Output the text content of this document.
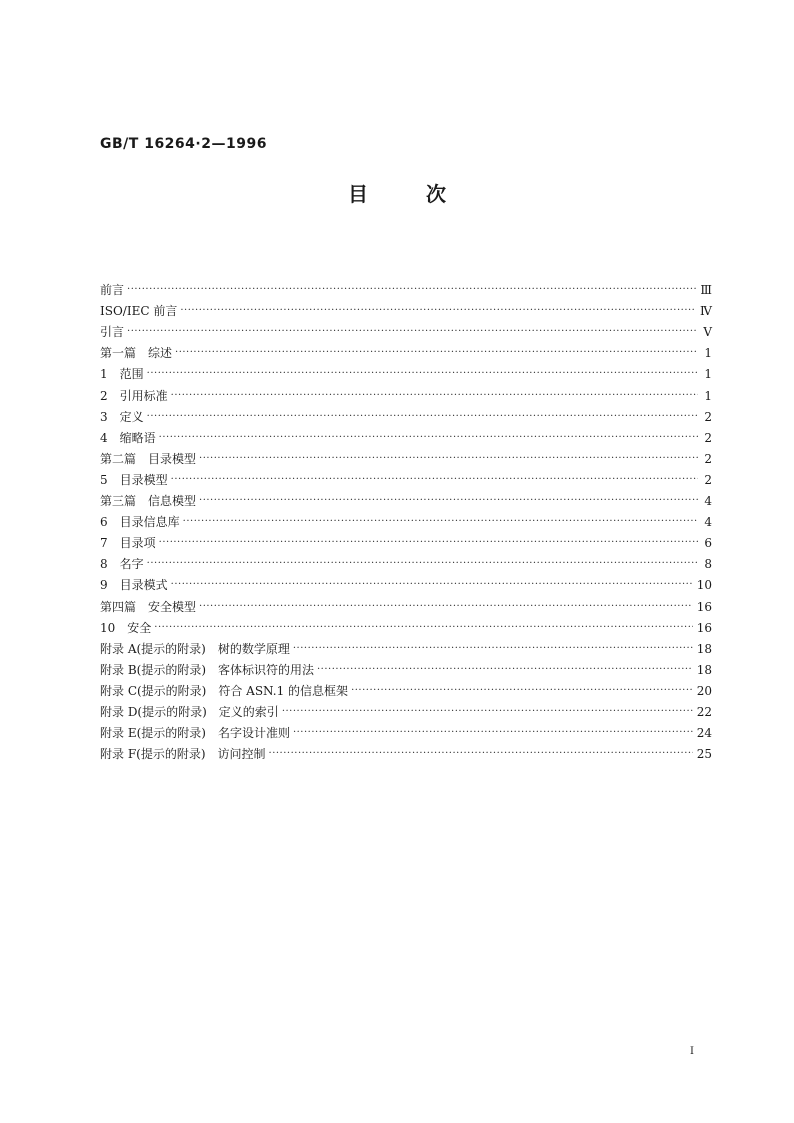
GB/T 16264·2—1996
目	次
前言 ·····	Ⅲ
ISO/IEC 前言 ·····	Ⅳ
引言 ·····	Ⅴ
第一篇　综述 ·····	1
1 范围 ·····	1
2 引用标准 ·····	1
3 定义 ·····	2
4 缩略语 ·····	2
第二篇　目录模型 ·····	2
5 目录模型 ·····	2
第三篇　信息模型 ·····	4
6 目录信息库 ·····	4
7 目录项 ·····	6
8 名字 ·····	8
9 目录模式 ·····	10
第四篇　安全模型 ·····	16
10 安全 ·····	16
附录 A(提示的附录)　树的数学原理 ·····	18
附录 B(提示的附录)　客体标识符的用法 ·····	18
附录 C(提示的附录)　符合 ASN.1 的信息框架 ·····	20
附录 D(提示的附录)　定义的索引 ·····	22
附录 E(提示的附录)　名字设计准则 ·····	24
附录 F(提示的附录)　访问控制 ·····	25
Ⅰ
